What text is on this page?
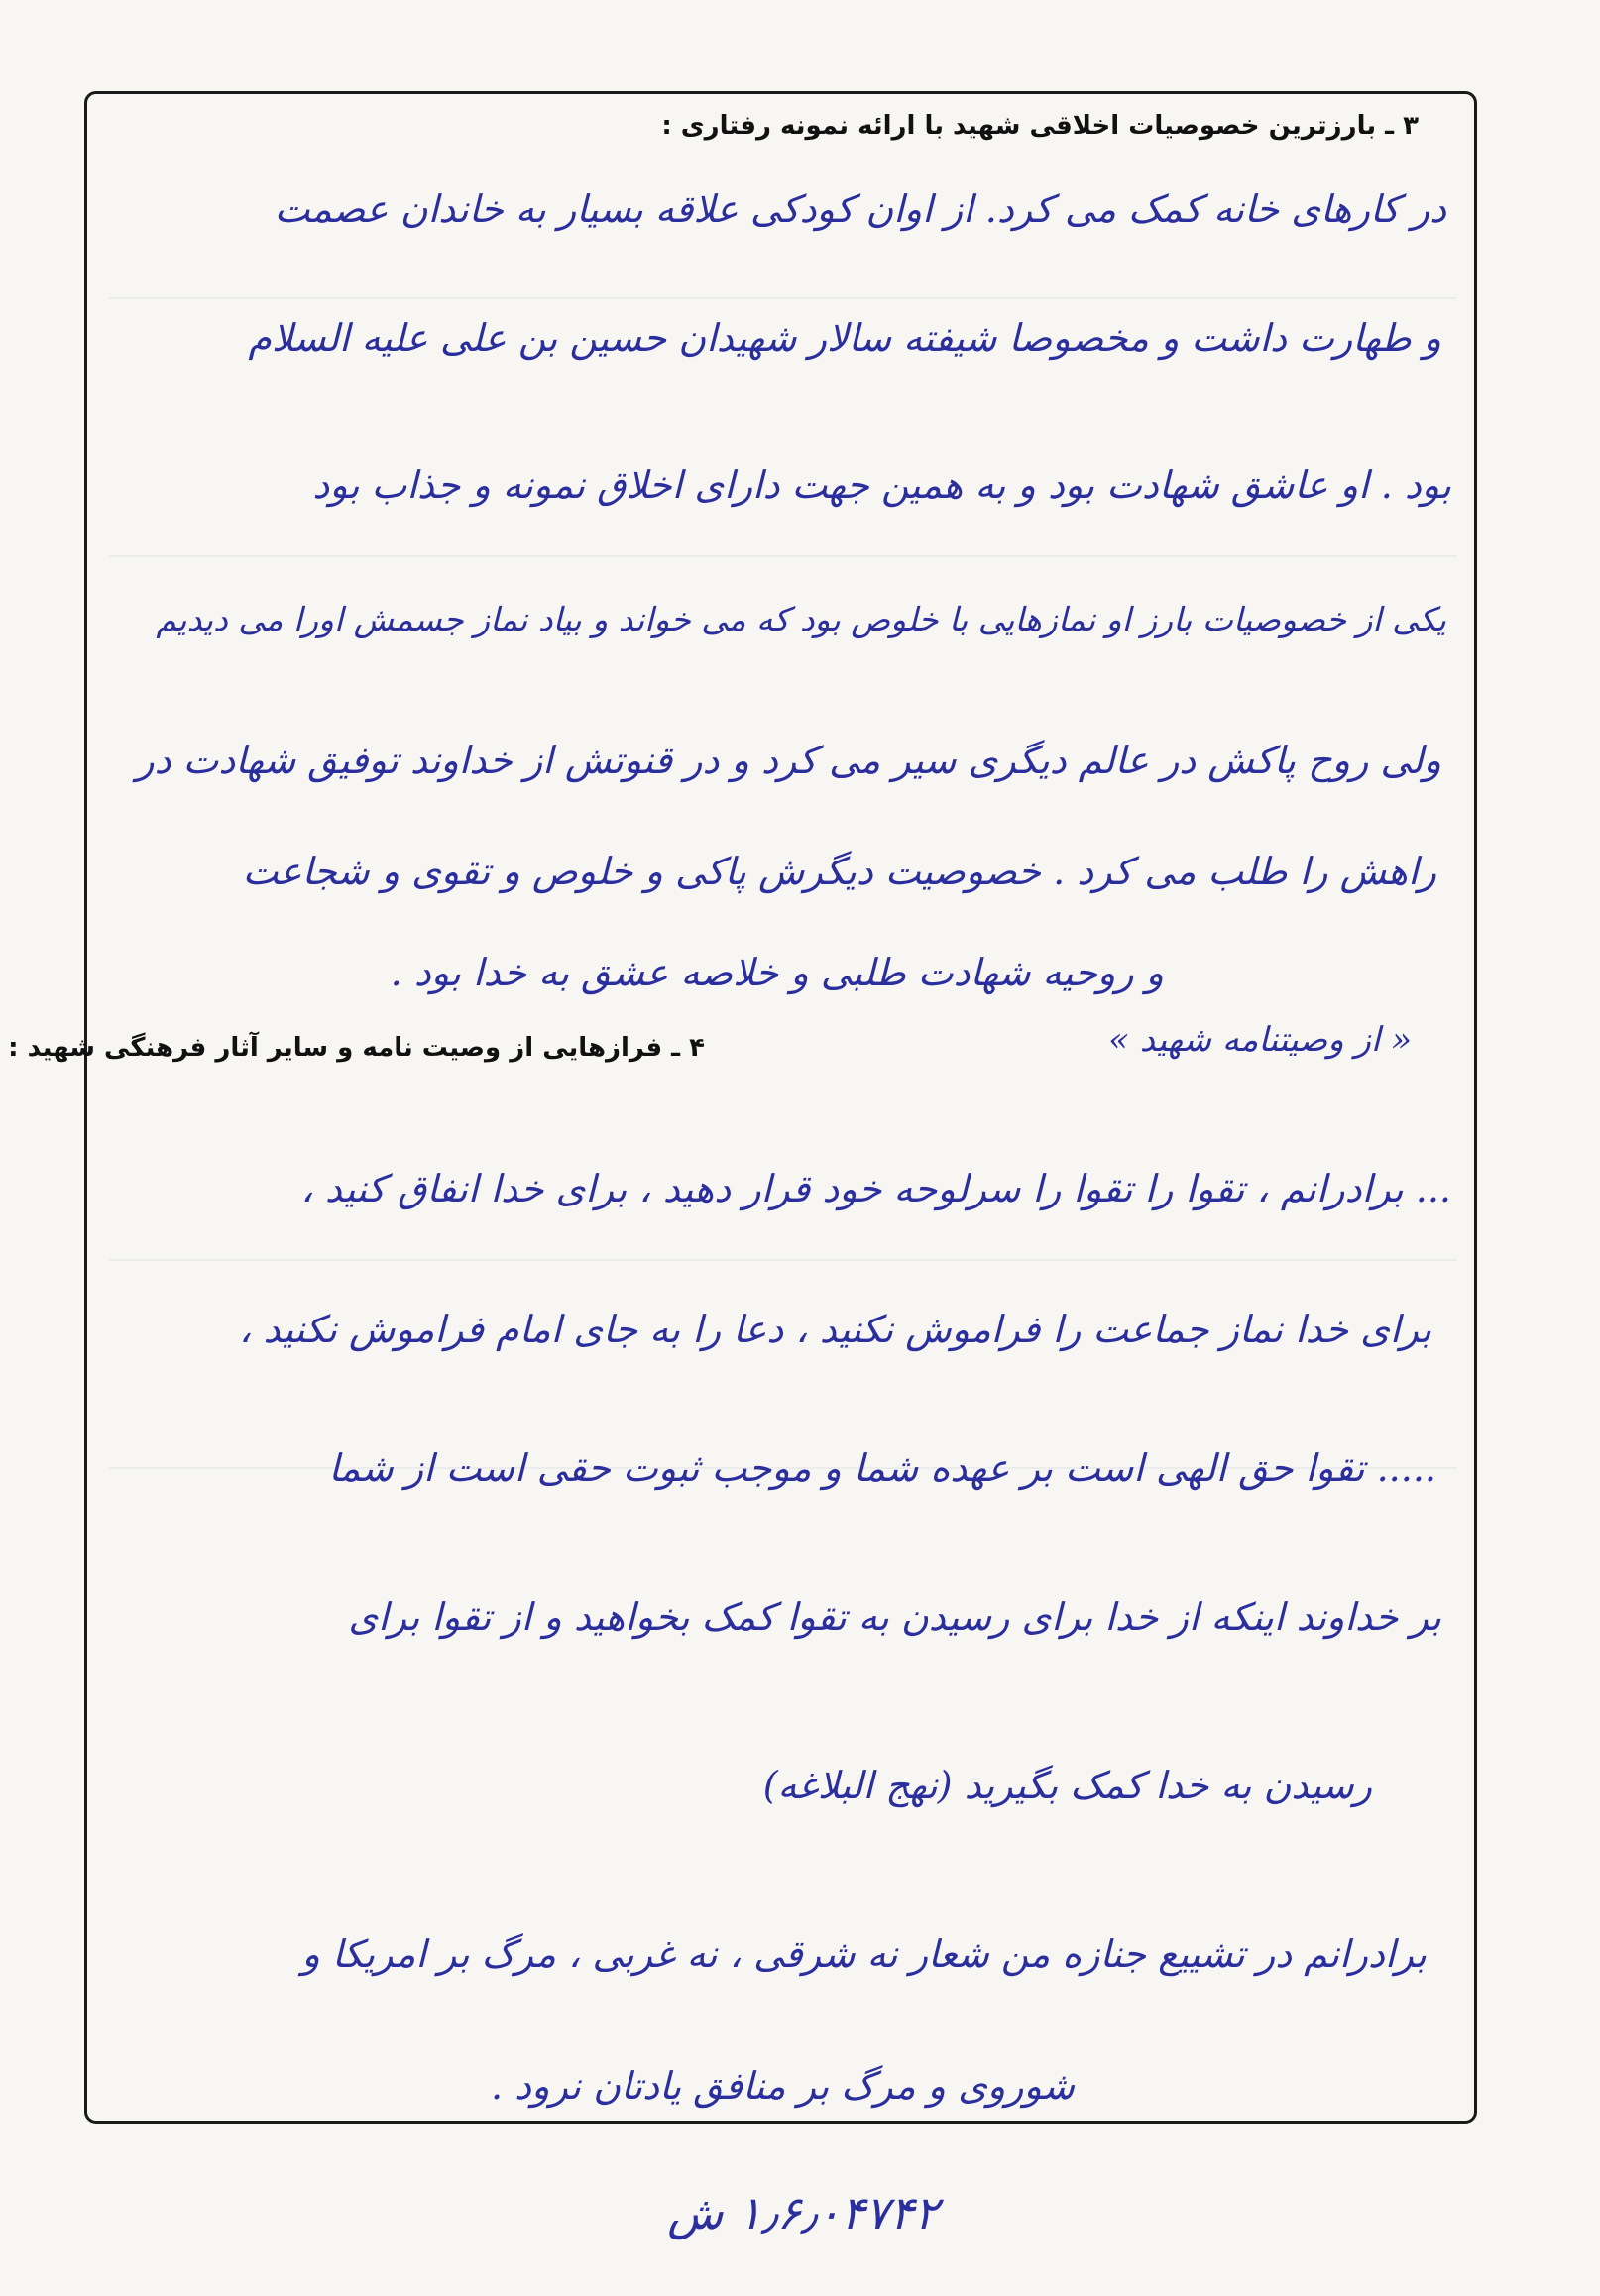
۳ ـ بارزترین خصوصیات اخلاقی شهید با ارائه نمونه رفتاری :
در کارهای خانه کمک می کرد. از اوان کودکی علاقه بسیار به خاندان عصمت
و طهارت داشت و مخصوصا شیفته سالار شهیدان حسین بن علی علیه السلام
بود . او عاشق شهادت بود و به همین جهت دارای اخلاق نمونه و جذاب بود
یکی از خصوصیات بارز او نمازهایی با خلوص بود که می خواند و بیاد نماز جسمش اورا می دیدیم
ولی روح پاکش در عالم دیگری سیر می کرد و در قنوتش از خداوند توفیق شهادت در
راهش را طلب می کرد . خصوصیت دیگرش پاکی و خلوص و تقوی و شجاعت
و روحیه شهادت طلبی و خلاصه عشق به خدا بود .
۴ ـ فرازهایی از وصیت نامه و سایر آثار فرهنگی شهید :	« از وصیتنامه شهید »
... برادرانم ، تقوا را تقوا را سرلوحه خود قرار دهید ، برای خدا انفاق کنید ،
برای خدا نماز جماعت را فراموش نکنید ، دعا را به جای امام فراموش نکنید ،
..... تقوا حق الهی است بر عهده شما و موجب ثبوت حقی است از شما
بر خداوند اینکه از خدا برای رسیدن به تقوا کمک بخواهید و از تقوا برای
رسیدن به خدا کمک بگیرید (نهج البلاغه)
برادرانم در تشییع جنازه من شعار نه شرقی ، نه غربی ، مرگ بر امریکا و
شوروی و مرگ بر منافق یادتان نرود .
۱٫۶٫۰۴۷۴۲ ش
